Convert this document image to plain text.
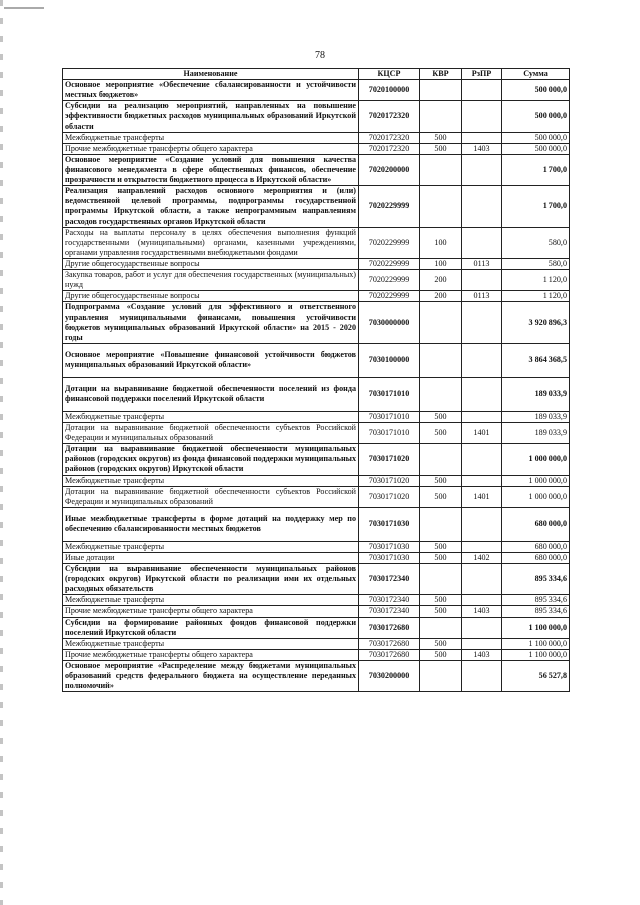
78
Наименование	КЦСР	КВР	РзПР	Сумма
Основное мероприятие «Обеспечение сбалансированности и устойчивости местных бюджетов»	7020100000			500 000,0
Субсидии на реализацию мероприятий, направленных на повышение эффективности бюджетных расходов муниципальных образований Иркутской области	7020172320			500 000,0
Межбюджетные трансферты	7020172320	500		500 000,0
Прочие межбюджетные трансферты общего характера	7020172320	500	1403	500 000,0
Основное мероприятие «Создание условий для повышения качества финансового менеджмента в сфере общественных финансов, обеспечение прозрачности и открытости бюджетного процесса в Иркутской области»	7020200000			1 700,0
Реализация направлений расходов основного мероприятия и (или) ведомственной целевой программы, подпрограммы государственной программы Иркутской области, а также непрограммным направлениям расходов государственных органов Иркутской области	7020229999			1 700,0
Расходы на выплаты персоналу в целях обеспечения выполнения функций государственными (муниципальными) органами, казенными учреждениями, органами управления государственными внебюджетными фондами	7020229999	100		580,0
Другие общегосударственные вопросы	7020229999	100	0113	580,0
Закупка товаров, работ и услуг для обеспечения государственных (муниципальных) нужд	7020229999	200		1 120,0
Другие общегосударственные вопросы	7020229999	200	0113	1 120,0
Подпрограмма «Создание условий для эффективного и ответственного управления муниципальными финансами, повышения устойчивости бюджетов муниципальных образований Иркутской области» на 2015 - 2020 годы	7030000000			3 920 896,3
Основное мероприятие «Повышение финансовой устойчивости бюджетов муниципальных образований Иркутской области»	7030100000			3 864 368,5
Дотации на выравнивание бюджетной обеспеченности поселений из фонда финансовой поддержки поселений Иркутской области	7030171010			189 033,9
Межбюджетные трансферты	7030171010	500		189 033,9
Дотации на выравнивание бюджетной обеспеченности субъектов Российской Федерации и муниципальных образований	7030171010	500	1401	189 033,9
Дотации на выравнивание бюджетной обеспеченности муниципальных районов (городских округов) из фонда финансовой поддержки муниципальных районов (городских округов) Иркутской области	7030171020			1 000 000,0
Межбюджетные трансферты	7030171020	500		1 000 000,0
Дотации на выравнивание бюджетной обеспеченности субъектов Российской Федерации и муниципальных образований	7030171020	500	1401	1 000 000,0
Иные межбюджетные трансферты в форме дотаций на поддержку мер по обеспечению сбалансированности местных бюджетов	7030171030			680 000,0
Межбюджетные трансферты	7030171030	500		680 000,0
Иные дотации	7030171030	500	1402	680 000,0
Субсидии на выравнивание обеспеченности муниципальных районов (городских округов) Иркутской области по реализации ими их отдельных расходных обязательств	7030172340			895 334,6
Межбюджетные трансферты	7030172340	500		895 334,6
Прочие межбюджетные трансферты общего характера	7030172340	500	1403	895 334,6
Субсидии на формирование районных фондов финансовой поддержки поселений Иркутской области	7030172680			1 100 000,0
Межбюджетные трансферты	7030172680	500		1 100 000,0
Прочие межбюджетные трансферты общего характера	7030172680	500	1403	1 100 000,0
Основное мероприятие «Распределение между бюджетами муниципальных образований средств федерального бюджета на осуществление переданных полномочий»	7030200000			56 527,8
